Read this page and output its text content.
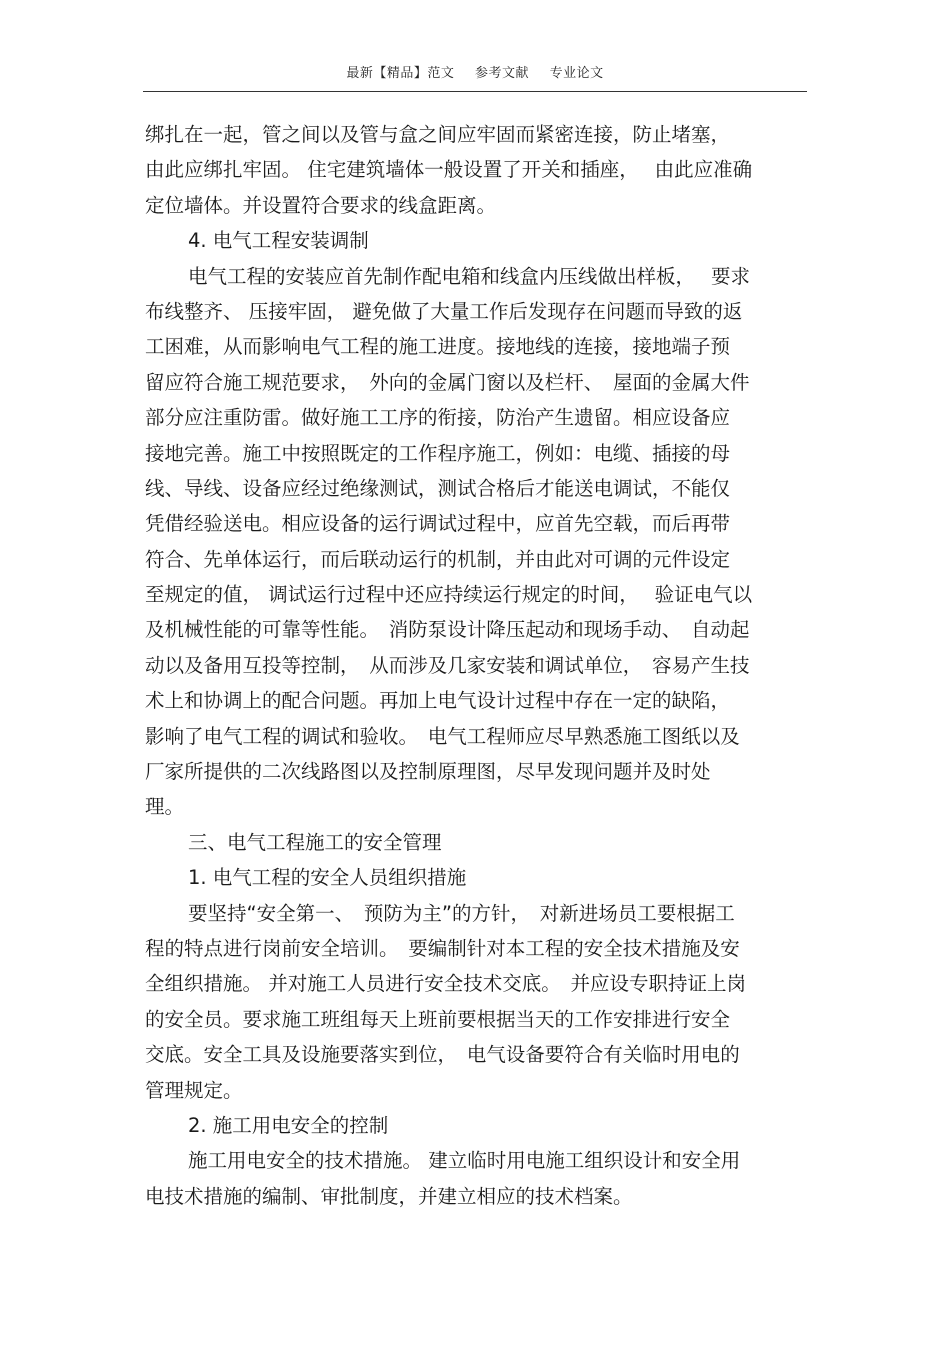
最新【精品】范文 参考文献 专业论文
绑扎在一起，管之间以及管与盒之间应牢固而紧密连接，防止堵塞，
由此应绑扎牢固。 住宅建筑墙体一般设置了开关和插座，　 由此应准确
定位墙体。并设置符合要求的线盒距离。
4. 电气工程安装调制
电气工程的安装应首先制作配电箱和线盒内压线做出样板，　 要求
布线整齐、 压接牢固， 避免做了大量工作后发现存在问题而导致的返
工困难，从而影响电气工程的施工进度。接地线的连接，接地端子预
留应符合施工规范要求，　外向的金属门窗以及栏杆、　屋面的金属大件
部分应注重防雷。做好施工工序的衔接，防治产生遗留。相应设备应
接地完善。施工中按照既定的工作程序施工，例如：电缆、插接的母
线、导线、设备应经过绝缘测试，测试合格后才能送电调试，不能仅
凭借经验送电。相应设备的运行调试过程中，应首先空载，而后再带
符合、先单体运行，而后联动运行的机制，并由此对可调的元件设定
至规定的值， 调试运行过程中还应持续运行规定的时间，　 验证电气以
及机械性能的可靠等性能。　消防泵设计降压起动和现场手动、　自动起
动以及备用互投等控制，　从而涉及几家安装和调试单位，　容易产生技
术上和协调上的配合问题。再加上电气设计过程中存在一定的缺陷，
影响了电气工程的调试和验收。　电气工程师应尽早熟悉施工图纸以及
厂家所提供的二次线路图以及控制原理图，尽早发现问题并及时处
理。
三、电气工程施工的安全管理
1. 电气工程的安全人员组织措施
要坚持“安全第一、　预防为主”的方针，　对新进场员工要根据工
程的特点进行岗前安全培训。　要编制针对本工程的安全技术措施及安
全组织措施。 并对施工人员进行安全技术交底。　并应设专职持证上岗
的安全员。要求施工班组每天上班前要根据当天的工作安排进行安全
交底。安全工具及设施要落实到位，　电气设备要符合有关临时用电的
管理规定。
2. 施工用电安全的控制
施工用电安全的技术措施。 建立临时用电施工组织设计和安全用
电技术措施的编制、审批制度，并建立相应的技术档案。
